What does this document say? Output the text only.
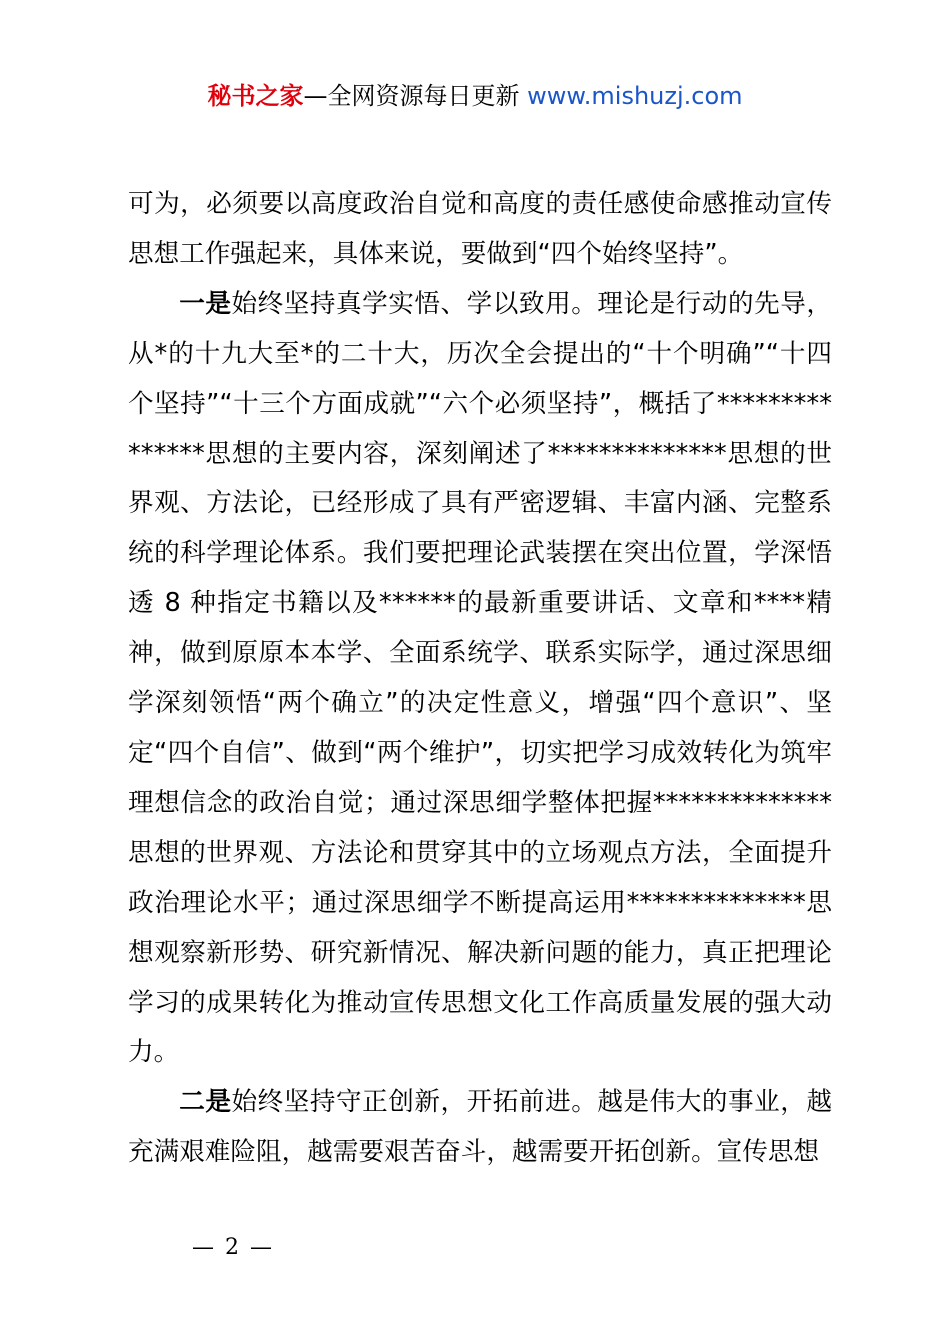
秘书之家—全网资源每日更新 www.mishuzj.com

可为，必须要以高度政治自觉和高度的责任感使命感推动宣传思想工作强起来，具体来说，要做到“四个始终坚持”。

一是始终坚持真学实悟、学以致用。理论是行动的先导，从*的十九大至*的二十大，历次全会提出的“十个明确”“十四个坚持”“十三个方面成就”“六个必须坚持”，概括了***************思想的主要内容，深刻阐述了**************思想的世界观、方法论，已经形成了具有严密逻辑、丰富内涵、完整系统的科学理论体系。我们要把理论武装摆在突出位置，学深悟透 8 种指定书籍以及******的最新重要讲话、文章和****精神，做到原原本本学、全面系统学、联系实际学，通过深思细学深刻领悟“两个确立”的决定性意义，增强“四个意识”、坚定“四个自信”、做到“两个维护”，切实把学习成效转化为筑牢理想信念的政治自觉；通过深思细学整体把握**************思想的世界观、方法论和贯穿其中的立场观点方法，全面提升政治理论水平；通过深思细学不断提高运用**************思想观察新形势、研究新情况、解决新问题的能力，真正把理论学习的成果转化为推动宣传思想文化工作高质量发展的强大动力。

二是始终坚持守正创新，开拓前进。越是伟大的事业，越充满艰难险阻，越需要艰苦奋斗，越需要开拓创新。宣传思想

— 2 —
